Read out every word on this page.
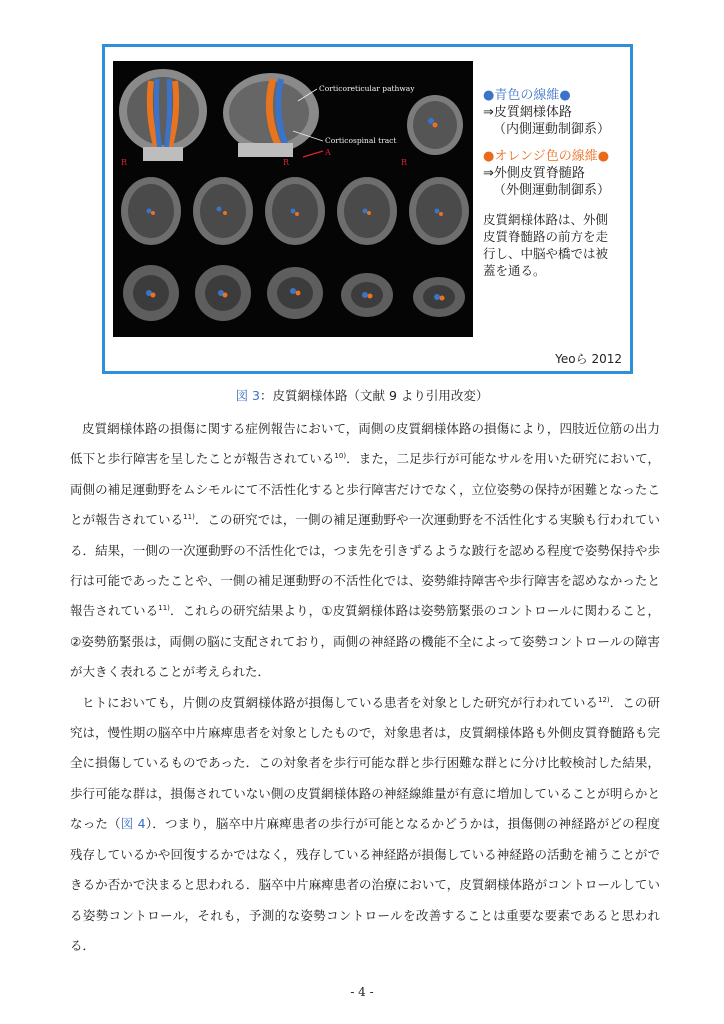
R	R
A
Corticoreticular pathway
Corticospinal tract
R
●青色の線維●
⇒皮質網様体路
（内側運動制御系）
●オレンジ色の線維●
⇒外側皮質脊髄路
（外側運動制御系）
皮質網様体路は、外側
皮質脊髄路の前方を走
行し、中脳や橋では被
蓋を通る。
Yeoら 2012
図 3：皮質網様体路（文献 9 より引用改変）

皮質網様体路の損傷に関する症例報告において，両側の皮質網様体路の損傷により，四肢近位筋の出力低下と歩行障害を呈したことが報告されている$^{10)}$．また，二足歩行が可能なサルを用いた研究において，両側の補足運動野をムシモルにて不活性化すると歩行障害だけでなく，立位姿勢の保持が困難となったことが報告されている$^{11)}$．この研究では，一側の補足運動野や一次運動野を不活性化する実験も行われている．結果，一側の一次運動野の不活性化では，つま先を引きずるような跛行を認める程度で姿勢保持や歩行は可能であったことや、一側の補足運動野の不活性化では、姿勢維持障害や歩行障害を認めなかったと報告されている$^{11)}$．これらの研究結果より，①皮質網様体路は姿勢筋緊張のコントロールに関わること，②姿勢筋緊張は，両側の脳に支配されており，両側の神経路の機能不全によって姿勢コントロールの障害が大きく表れることが考えられた．

ヒトにおいても，片側の皮質網様体路が損傷している患者を対象とした研究が行われている$^{12)}$．この研究は，慢性期の脳卒中片麻痺患者を対象としたもので，対象患者は，皮質網様体路も外側皮質脊髄路も完全に損傷しているものであった．この対象者を歩行可能な群と歩行困難な群とに分け比較検討した結果，歩行可能な群は，損傷されていない側の皮質網様体路の神経線維量が有意に増加していることが明らかとなった（図 4）．つまり，脳卒中片麻痺患者の歩行が可能となるかどうかは，損傷側の神経路がどの程度残存しているかや回復するかではなく，残存している神経路が損傷している神経路の活動を補うことができるか否かで決まると思われる．脳卒中片麻痺患者の治療において，皮質網様体路がコントロールしている姿勢コントロール，それも，予測的な姿勢コントロールを改善することは重要な要素であると思われる．

- 4 -
